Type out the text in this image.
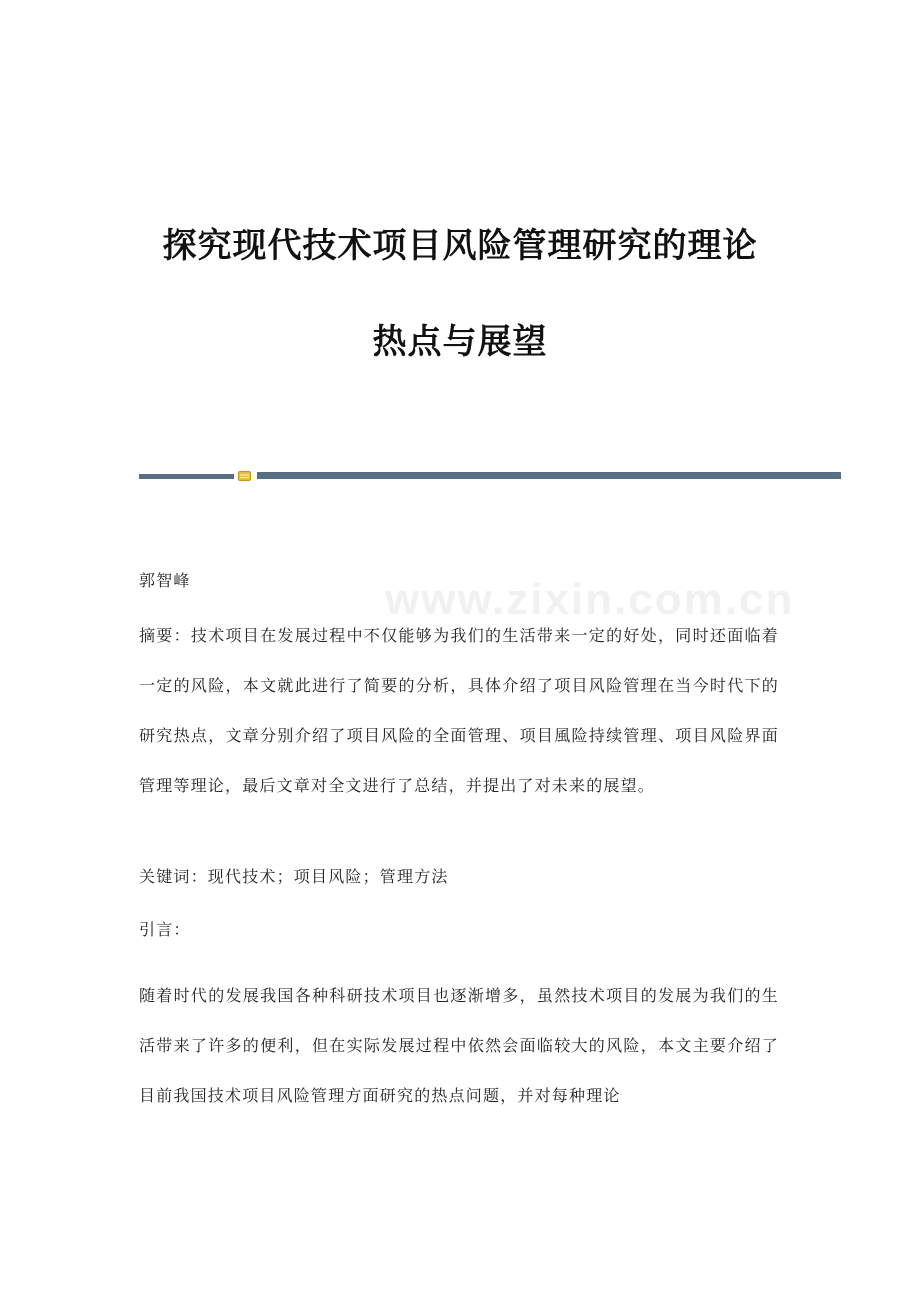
探究现代技术项目风险管理研究的理论
热点与展望
www.zixin.com.cn
郭智峰
摘要：技术项目在发展过程中不仅能够为我们的生活带来一定的好处，同时还面临着一定的风险，本文就此进行了简要的分析，具体介绍了项目风险管理在当今时代下的研究热点，文章分别介绍了项目风险的全面管理、项目風险持续管理、项目风险界面管理等理论，最后文章对全文进行了总结，并提出了对未来的展望。
关键词：现代技术；项目风险；管理方法
引言：
随着时代的发展我国各种科研技术项目也逐渐增多，虽然技术项目的发展为我们的生活带来了许多的便利，但在实际发展过程中依然会面临较大的风险，本文主要介绍了目前我国技术项目风险管理方面研究的热点问题，并对每种理论
